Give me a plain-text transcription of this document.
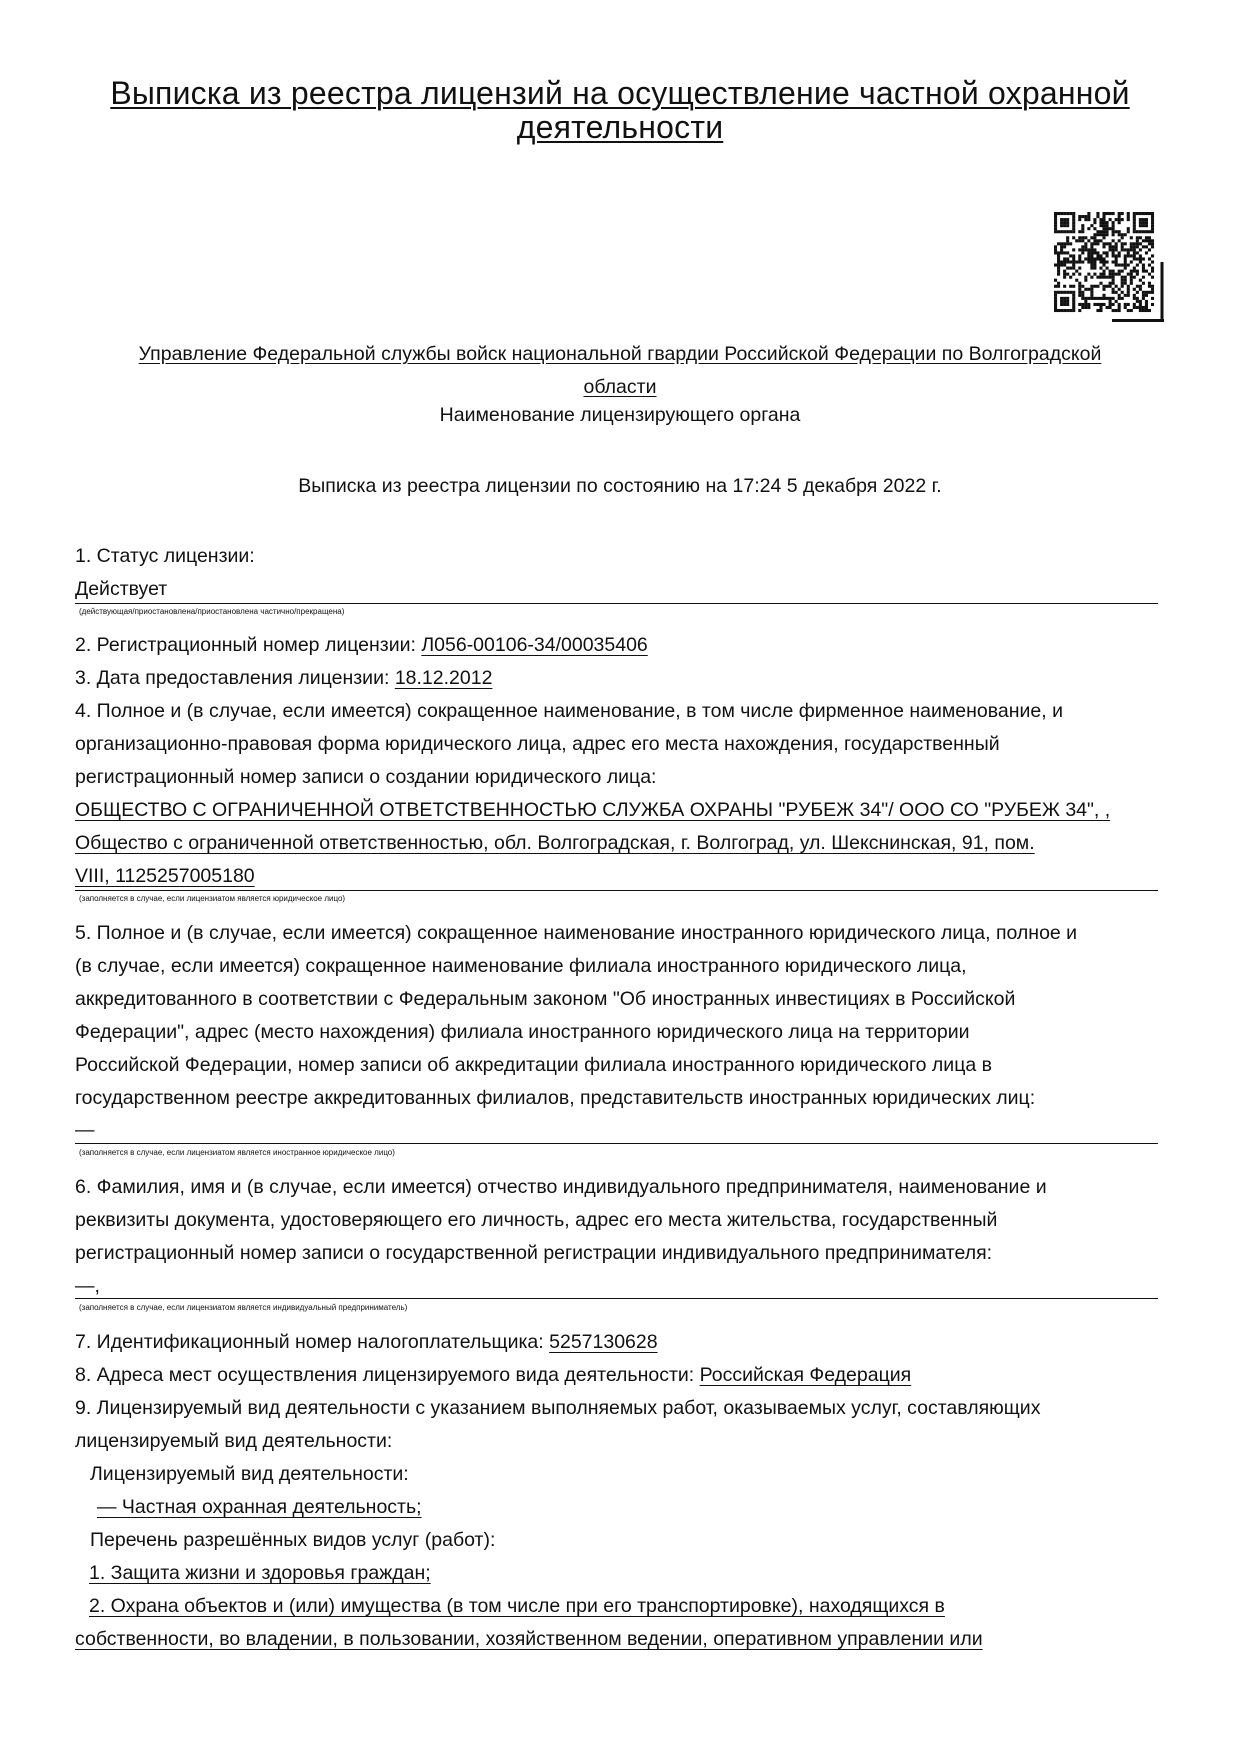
Выписка из реестра лицензий на осуществление частной охранной
деятельности
Управление Федеральной службы войск национальной гвардии Российской Федерации по Волгоградской
области
Наименование лицензирующего органа
Выписка из реестра лицензии по состоянию на 17:24 5 декабря 2022 г.
1. Статус лицензии:
Действует
(действующая/приостановлена/приостановлена частично/прекращена)
2. Регистрационный номер лицензии: Л056-00106-34/00035406
3. Дата предоставления лицензии: 18.12.2012
4. Полное и (в случае, если имеется) сокращенное наименование, в том числе фирменное наименование, и
организационно-правовая форма юридического лица, адрес его места нахождения, государственный
регистрационный номер записи о создании юридического лица:
ОБЩЕСТВО С ОГРАНИЧЕННОЙ ОТВЕТСТВЕННОСТЬЮ СЛУЖБА ОХРАНЫ "РУБЕЖ 34"/ ООО СО "РУБЕЖ 34", ,
Общество с ограниченной ответственностью, обл. Волгоградская, г. Волгоград, ул. Шекснинская, 91, пом.
VIII, 1125257005180
(заполняется в случае, если лицензиатом является юридическое лицо)
5. Полное и (в случае, если имеется) сокращенное наименование иностранного юридического лица, полное и
(в случае, если имеется) сокращенное наименование филиала иностранного юридического лица,
аккредитованного в соответствии с Федеральным законом "Об иностранных инвестициях в Российской
Федерации", адрес (место нахождения) филиала иностранного юридического лица на территории
Российской Федерации, номер записи об аккредитации филиала иностранного юридического лица в
государственном реестре аккредитованных филиалов, представительств иностранных юридических лиц:
—
(заполняется в случае, если лицензиатом является иностранное юридическое лицо)
6. Фамилия, имя и (в случае, если имеется) отчество индивидуального предпринимателя, наименование и
реквизиты документа, удостоверяющего его личность, адрес его места жительства, государственный
регистрационный номер записи о государственной регистрации индивидуального предпринимателя:
—,
(заполняется в случае, если лицензиатом является индивидуальный предприниматель)
7. Идентификационный номер налогоплательщика: 5257130628
8. Адреса мест осуществления лицензируемого вида деятельности: Российская Федерация
9. Лицензируемый вид деятельности с указанием выполняемых работ, оказываемых услуг, составляющих
лицензируемый вид деятельности:
Лицензируемый вид деятельности:
— Частная охранная деятельность;
Перечень разрешённых видов услуг (работ):
1. Защита жизни и здоровья граждан;
2. Охрана объектов и (или) имущества (в том числе при его транспортировке), находящихся в
собственности, во владении, в пользовании, хозяйственном ведении, оперативном управлении или
